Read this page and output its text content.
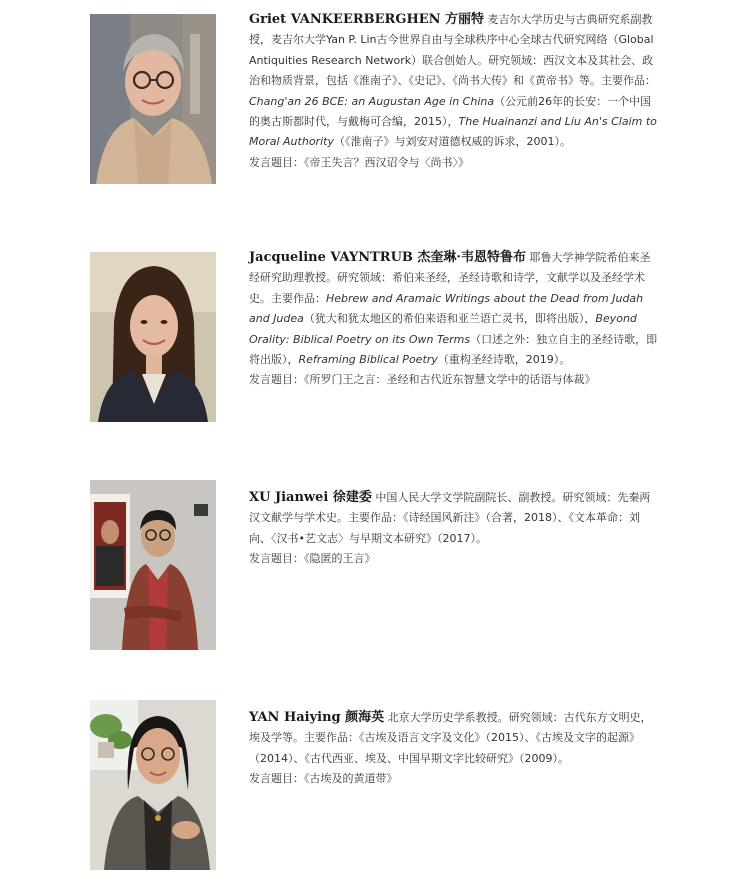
Griet VANKEERBERGHEN 方丽特 麦吉尔大学历史与古典研究系副教授，麦吉尔大学Yan P. Lin古今世界自由与全球秩序中心全球古代研究网络（Global Antiquities Research Network）联合创始人。研究领域：西汉文本及其社会、政治和物质背景，包括《淮南子》、《史记》、《尚书大传》和《黄帝书》等。主要作品：Chang'an 26 BCE: an Augustan Age in China（公元前26年的长安：一个中国的奥古斯都时代，与戴梅可合编，2015），The Huainanzi and Liu An's Claim to Moral Authority（《淮南子》与刘安对道德权威的诉求，2001）。
发言题目：《帝王失言？西汉诏令与〈尚书〉》
Jacqueline VAYNTRUB 杰奎琳·韦恩特鲁布 耶鲁大学神学院希伯来圣经研究助理教授。研究领域：希伯来圣经，圣经诗歌和诗学，文献学以及圣经学术史。主要作品：Hebrew and Aramaic Writings about the Dead from Judah and Judea（犹大和犹太地区的希伯来语和亚兰语亡灵书，即将出版），Beyond Orality: Biblical Poetry on its Own Terms（口述之外：独立自主的圣经诗歌，即将出版），Reframing Biblical Poetry（重构圣经诗歌，2019）。
发言题目：《所罗门王之言：圣经和古代近东智慧文学中的话语与体裁》
XU Jianwei 徐建委 中国人民大学文学院副院长、副教授。研究领域：先秦两汉文献学与学术史。主要作品：《诗经国风新注》（合著，2018）、《文本革命：刘向、〈汉书•艺文志〉与早期文本研究》（2017）。
发言题目：《隐匿的王言》
YAN Haiying 颜海英 北京大学历史学系教授。研究领域：古代东方文明史，埃及学等。主要作品：《古埃及语言文字及文化》（2015）、《古埃及文字的起源》（2014）、《古代西亚、埃及、中国早期文字比较研究》（2009）。
发言题目：《古埃及的黄道带》
